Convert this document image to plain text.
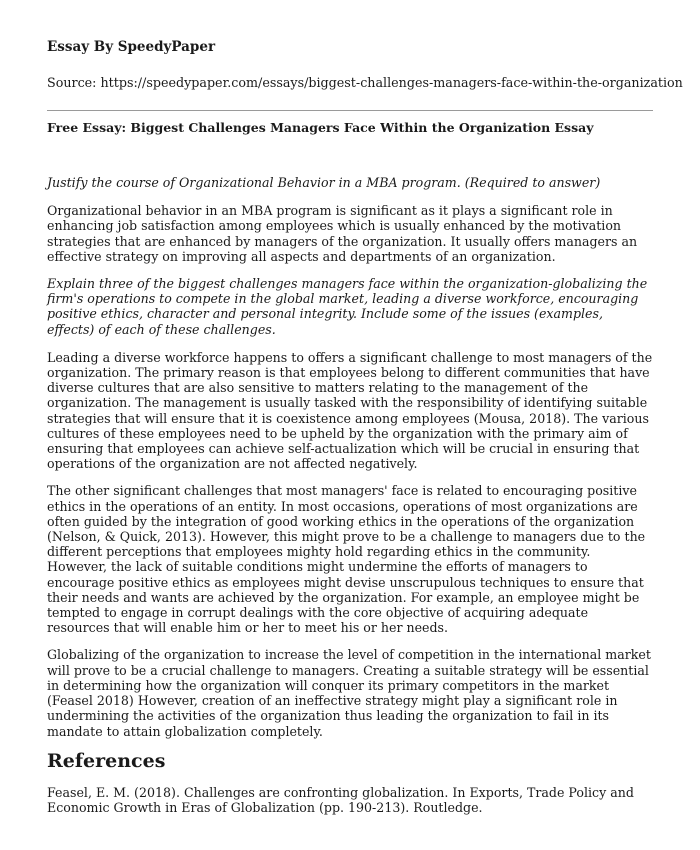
Essay By SpeedyPaper

Source: https://speedypaper.com/essays/biggest-challenges-managers-face-within-the-organization

Free Essay: Biggest Challenges Managers Face Within the Organization Essay

Justify the course of Organizational Behavior in a MBA program. (Required to answer)

Organizational behavior in an MBA program is significant as it plays a significant role in enhancing job satisfaction among employees which is usually enhanced by the motivation strategies that are enhanced by managers of the organization. It usually offers managers an effective strategy on improving all aspects and departments of an organization.

Explain three of the biggest challenges managers face within the organization-globalizing the firm's operations to compete in the global market, leading a diverse workforce, encouraging positive ethics, character and personal integrity. Include some of the issues (examples, effects) of each of these challenges.

Leading a diverse workforce happens to offers a significant challenge to most managers of the organization. The primary reason is that employees belong to different communities that have diverse cultures that are also sensitive to matters relating to the management of the organization. The management is usually tasked with the responsibility of identifying suitable strategies that will ensure that it is coexistence among employees (Mousa, 2018). The various cultures of these employees need to be upheld by the organization with the primary aim of ensuring that employees can achieve self-actualization which will be crucial in ensuring that operations of the organization are not affected negatively.

The other significant challenges that most managers' face is related to encouraging positive ethics in the operations of an entity. In most occasions, operations of most organizations are often guided by the integration of good working ethics in the operations of the organization (Nelson, & Quick, 2013). However, this might prove to be a challenge to managers due to the different perceptions that employees mighty hold regarding ethics in the community. However, the lack of suitable conditions might undermine the efforts of managers to encourage positive ethics as employees might devise unscrupulous techniques to ensure that their needs and wants are achieved by the organization. For example, an employee might be tempted to engage in corrupt dealings with the core objective of acquiring adequate resources that will enable him or her to meet his or her needs.

Globalizing of the organization to increase the level of competition in the international market will prove to be a crucial challenge to managers. Creating a suitable strategy will be essential in determining how the organization will conquer its primary competitors in the market (Feasel 2018) However, creation of an ineffective strategy might play a significant role in undermining the activities of the organization thus leading the organization to fail in its mandate to attain globalization completely.

References

Feasel, E. M. (2018). Challenges are confronting globalization. In Exports, Trade Policy and Economic Growth in Eras of Globalization (pp. 190-213). Routledge.
